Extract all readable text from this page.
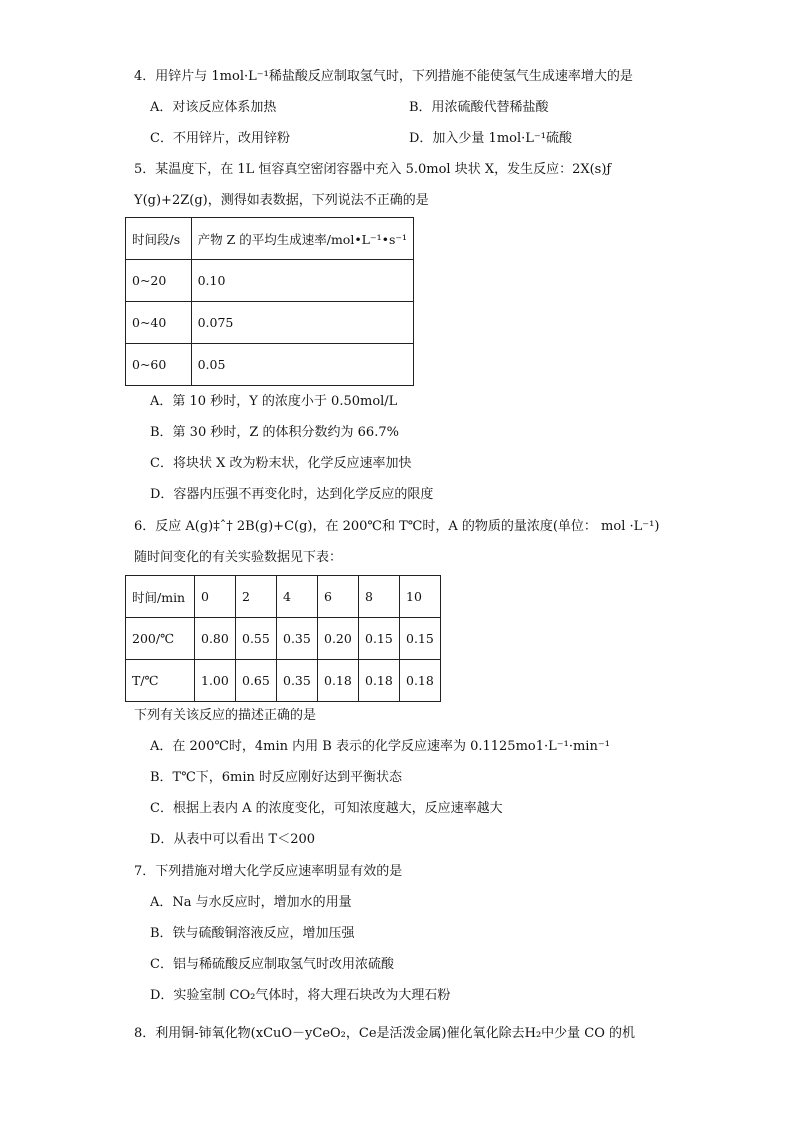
4．用锌片与 1mol·L⁻¹稀盐酸反应制取氢气时，下列措施不能使氢气生成速率增大的是
A．对该反应体系加热	B．用浓硫酸代替稀盐酸
C．不用锌片，改用锌粉	D．加入少量 1mol·L⁻¹硫酸
5．某温度下，在 1L 恒容真空密闭容器中充入 5.0mol 块状 X，发生反应：2X(s)ƒ
Y(g)+2Z(g)，测得如表数据，下列说法不正确的是
时间段/s	产物 Z 的平均生成速率/mol•L⁻¹•s⁻¹
0~20	0.10
0~40	0.075
0~60	0.05
A．第 10 秒时，Y 的浓度小于 0.50mol/L
B．第 30 秒时，Z 的体积分数约为 66.7%
C．将块状 X 改为粉末状，化学反应速率加快
D．容器内压强不再变化时，达到化学反应的限度
6．反应 A(g)‡ˆ† 2B(g)+C(g)，在 200℃和 T℃时，A 的物质的量浓度(单位： mol ·L⁻¹)
随时间变化的有关实验数据见下表：
时间/min	0	2	4	6	8	10
200/℃	0.80	0.55	0.35	0.20	0.15	0.15
T/℃	1.00	0.65	0.35	0.18	0.18	0.18
下列有关该反应的描述正确的是
A．在 200℃时，4min 内用 B 表示的化学反应速率为 0.1125mo1·L⁻¹·min⁻¹
B．T℃下，6min 时反应刚好达到平衡状态
C．根据上表内 A 的浓度变化，可知浓度越大，反应速率越大
D．从表中可以看出 T＜200
7．下列措施对增大化学反应速率明显有效的是
A．Na 与水反应时，增加水的用量
B．铁与硫酸铜溶液反应，增加压强
C．铝与稀硫酸反应制取氢气时改用浓硫酸
D．实验室制 CO₂气体时，将大理石块改为大理石粉
8．利用铜-铈氧化物(xCuO－yCeO₂，Ce是活泼金属)催化氧化除去H₂中少量 CO 的机
